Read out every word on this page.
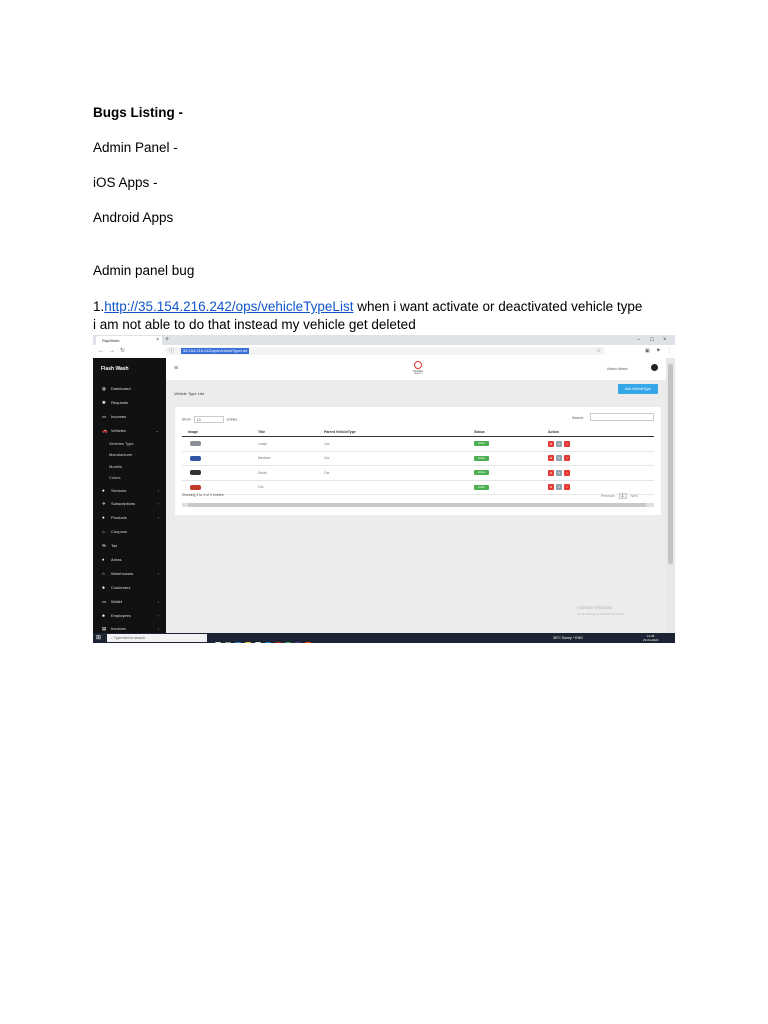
Bugs Listing -
Admin Panel -
iOS Apps -
Android Apps
Admin panel bug
1.http://35.154.216.242/ops/vehicleTypeList when i want activate or deactivated vehicle type
i am not able to do that instead my vehicle get deleted
RapWash	× +	− □ ×
← → ↻	ⓘ	35.154.216.242/ops/vehicleTypeList	☆	▣ ⚑ ⋮
Flash Wash
◍ Dashboard
✱ Requests
▭ Incomes
🚗 Vehicles	⌄
Vehicles Type
Manufacturer
Models
Colors
● Services	›
✈ Subscriptions	›
● Products	›
⌂ Coupons
% Tax
♦ Areas
⌂ Warehouses	›
♣ Customers
▭ Wallet	›
♣ Employees	›
▤ Invoices	›
≡	FLASH
W A S H
Admin Admin
Vehicle Type List
Add VehicleType
Show 10	entries	Search:
Image	Title	Parent VehicleType	Status	Action
	Large	Car	Active	⊘ ✎ ▪
	Medium	Car	Active	⊘ ✎ ▪
	Small	Car	Active	⊘ ✎ ▪
	Car		Active	⊘ ✎ ▪
Showing 1 to 4 of 4 entries	Previous 1 Next
Activate Windows
Go to Settings to activate Windows.
⊞	⌕ Type here to search	36°C Sunny ^ ENG	11:28
23-04-2022
